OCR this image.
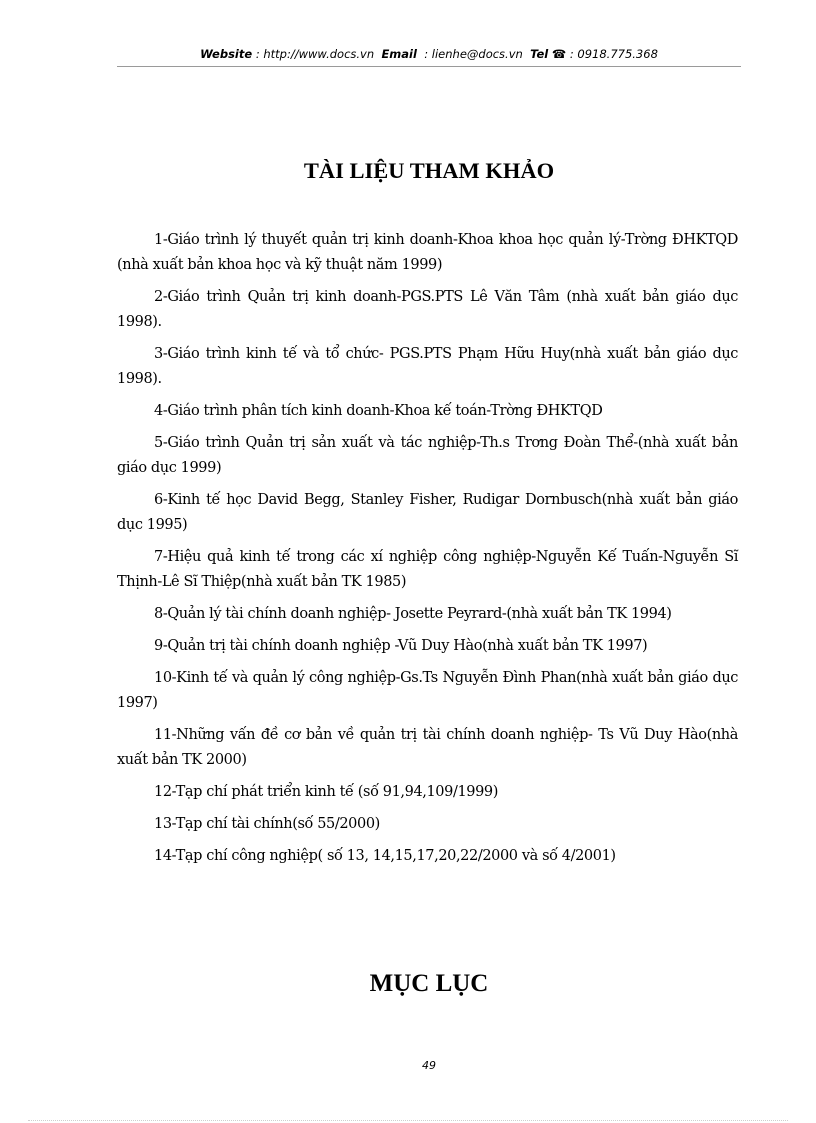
Website : http://www.docs.vn Email : lienhe@docs.vn Tel ☎ : 0918.775.368
TÀI LIỆU THAM KHẢO
1-Giáo trình lý thuyết quản trị kinh doanh-Khoa khoa học quản lý-Trờng ĐHKTQD (nhà xuất bản khoa học và kỹ thuật năm 1999)
2-Giáo trình Quản trị kinh doanh-PGS.PTS Lê Văn Tâm (nhà xuất bản giáo dục 1998).
3-Giáo trình kinh tế và tổ chức- PGS.PTS Phạm Hữu Huy(nhà xuất bản giáo dục 1998).
4-Giáo trình phân tích kinh doanh-Khoa kế toán-Trờng ĐHKTQD
5-Giáo trình Quản trị sản xuất và tác nghiệp-Th.s Trơng Đoàn Thể-(nhà xuất bản giáo dục 1999)
6-Kinh tế học David Begg, Stanley Fisher, Rudigar Dornbusch(nhà xuất bản giáo dục 1995)
7-Hiệu quả kinh tế trong các xí nghiệp công nghiệp-Nguyễn Kế Tuấn-Nguyễn Sĩ Thịnh-Lê Sĩ Thiệp(nhà xuất bản TK 1985)
8-Quản lý tài chính doanh nghiệp- Josette Peyrard-(nhà xuất bản TK 1994)
9-Quản trị tài chính doanh nghiệp -Vũ Duy Hào(nhà xuất bản TK 1997)
10-Kinh tế và quản lý công nghiệp-Gs.Ts Nguyễn Đình Phan(nhà xuất bản giáo dục 1997)
11-Những vấn đề cơ bản về quản trị tài chính doanh nghiệp- Ts Vũ Duy Hào(nhà xuất bản TK 2000)
12-Tạp chí phát triển kinh tế (số 91,94,109/1999)
13-Tạp chí tài chính(số 55/2000)
14-Tạp chí công nghiệp( số 13, 14,15,17,20,22/2000 và số 4/2001)
MỤC LỤC
49
